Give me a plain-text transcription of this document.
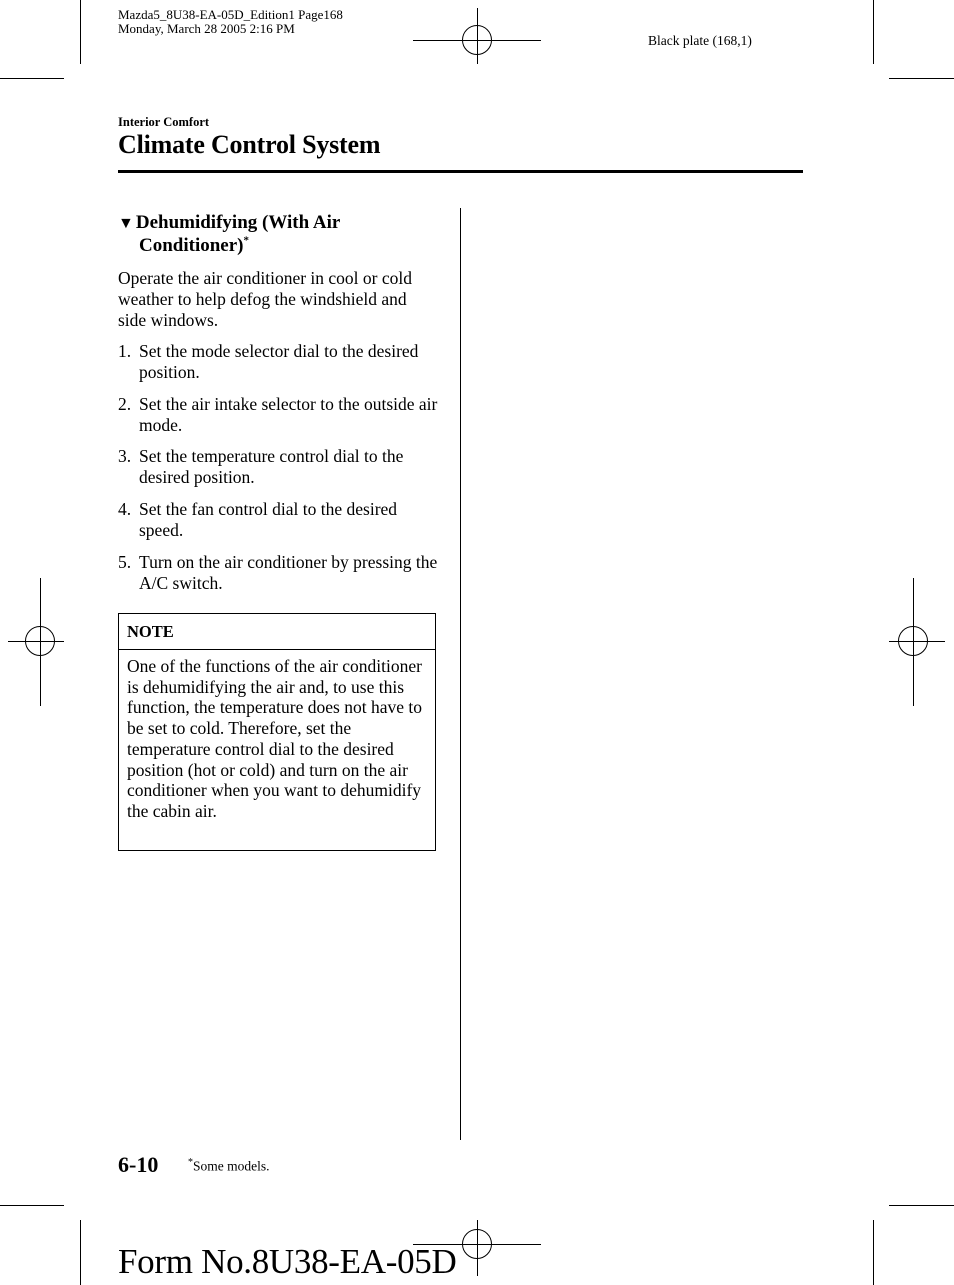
Mazda5_8U38-EA-05D_Edition1 Page168
Monday, March 28 2005 2:16 PM
Black plate (168,1)
Interior Comfort
Climate Control System
▼ Dehumidifying (With Air
Conditioner)*
Operate the air conditioner in cool or cold weather to help defog the windshield and side windows.
1. Set the mode selector dial to the desired position.
2. Set the air intake selector to the outside air mode.
3. Set the temperature control dial to the desired position.
4. Set the fan control dial to the desired speed.
5. Turn on the air conditioner by pressing the A/C switch.
NOTE
One of the functions of the air conditioner is dehumidifying the air and, to use this function, the temperature does not have to be set to cold. Therefore, set the temperature control dial to the desired position (hot or cold) and turn on the air conditioner when you want to dehumidify the cabin air.
6-10	*Some models.
Form No.8U38-EA-05D
